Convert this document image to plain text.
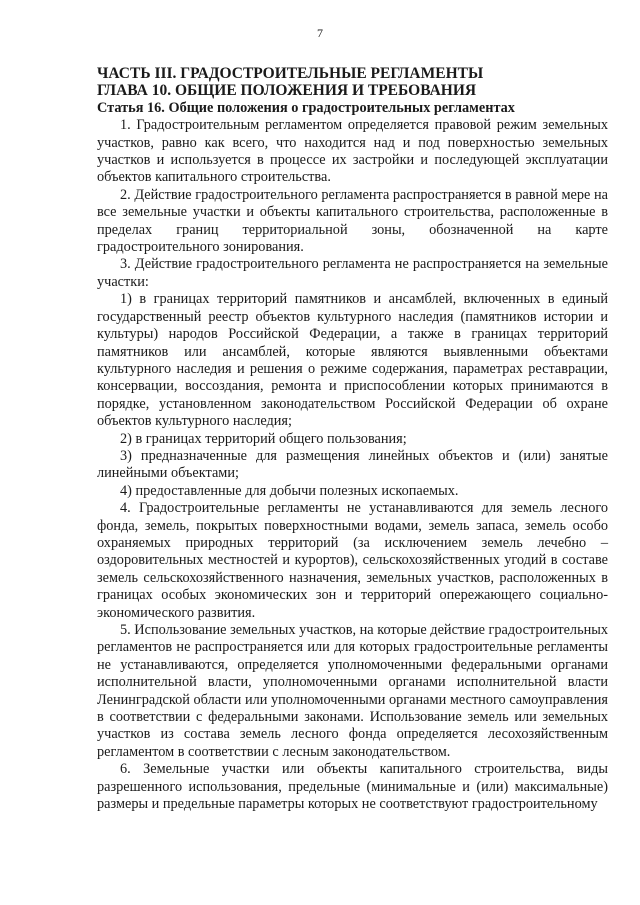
7
ЧАСТЬ III. ГРАДОСТРОИТЕЛЬНЫЕ РЕГЛАМЕНТЫ
ГЛАВА 10. ОБЩИЕ ПОЛОЖЕНИЯ И ТРЕБОВАНИЯ
Статья 16. Общие положения о градостроительных регламентах

1. Градостроительным регламентом определяется правовой режим земельных участков, равно как всего, что находится над и под поверхностью земельных участков и используется в процессе их застройки и последующей эксплуатации объектов капитального строительства.

2. Действие градостроительного регламента распространяется в равной мере на все земельные участки и объекты капитального строительства, расположенные в пределах границ территориальной зоны, обозначенной на карте градостроительного зонирования.

3. Действие градостроительного регламента не распространяется на земельные участки:

1) в границах территорий памятников и ансамблей, включенных в единый государственный реестр объектов культурного наследия (памятников истории и культуры) народов Российской Федерации, а также в границах территорий памятников или ансамблей, которые являются выявленными объектами культурного наследия и решения о режиме содержания, параметрах реставрации, консервации, воссоздания, ремонта и приспособлении которых принимаются в порядке, установленном законодательством Российской Федерации об охране объектов культурного наследия;

2) в границах территорий общего пользования;

3) предназначенные для размещения линейных объектов и (или) занятые линейными объектами;

4) предоставленные для добычи полезных ископаемых.

4. Градостроительные регламенты не устанавливаются для земель лесного фонда, земель, покрытых поверхностными водами, земель запаса, земель особо охраняемых природных территорий (за исключением земель лечебно – оздоровительных местностей и курортов), сельскохозяйственных угодий в составе земель сельскохозяйственного назначения, земельных участков, расположенных в границах особых экономических зон и территорий опережающего социально-экономического развития.

5. Использование земельных участков, на которые действие градостроительных регламентов не распространяется или для которых градостроительные регламенты не устанавливаются, определяется уполномоченными федеральными органами исполнительной власти, уполномоченными органами исполнительной власти Ленинградской области или уполномоченными органами местного самоуправления в соответствии с федеральными законами. Использование земель или земельных участков из состава земель лесного фонда определяется лесохозяйственным регламентом в соответствии с лесным законодательством.

6. Земельные участки или объекты капитального строительства, виды разрешенного использования, предельные (минимальные и (или) максимальные) размеры и предельные параметры которых не соответствуют градостроительному
